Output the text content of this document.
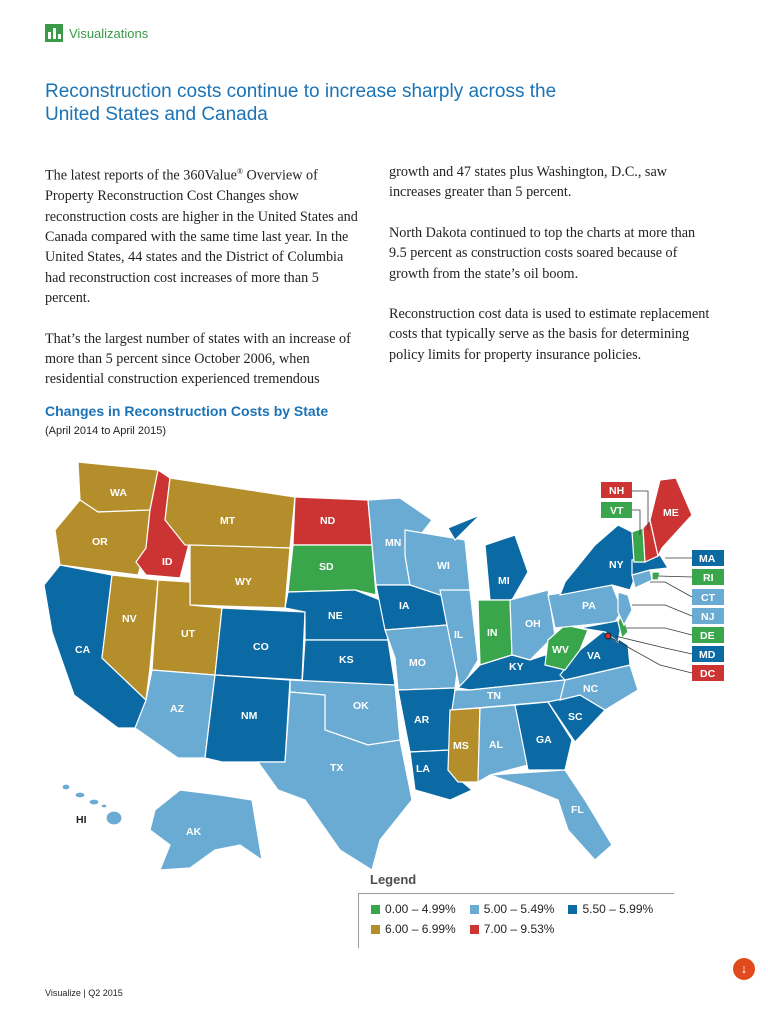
Visualizations
Reconstruction costs continue to increase sharply across the United States and Canada

The latest reports of the 360Value® Overview of Property Reconstruction Cost Changes show reconstruction costs are higher in the United States and Canada compared with the same time last year. In the United States, 44 states and the District of Columbia had reconstruction cost increases of more than 5 percent.

That’s the largest number of states with an increase of more than 5 percent since October 2006, when residential construction experienced tremendous

growth and 47 states plus Washington, D.C., saw increases greater than 5 percent.

North Dakota continued to top the charts at more than 9.5 percent as construction costs soared because of growth from the state’s oil boom.

Reconstruction cost data is used to estimate replacement costs that typically serve as the basis for determining policy limits for property insurance policies.

Changes in Reconstruction Costs by State
(April 2014 to April 2015)
WA
OR
CA
ID
NV
MT
WY
UT
AZ
CO
NM
ND
SD
NE
KS
OK
TX
MN
IA
MO
AR
LA
WI
IL
MI
IN
OH
KY
TN
MS AL	GA
FL
SC
NC
VA
WV
PA
NY
ME
AK
HI
NH
VT
MA
RI
CT
NJ
DE
MD
DC
Legend
0.00 – 4.99% 5.00 – 5.49% 5.50 – 5.99%
6.00 – 6.99% 7.00 – 9.53%
Visualize | Q2 2015
↓
